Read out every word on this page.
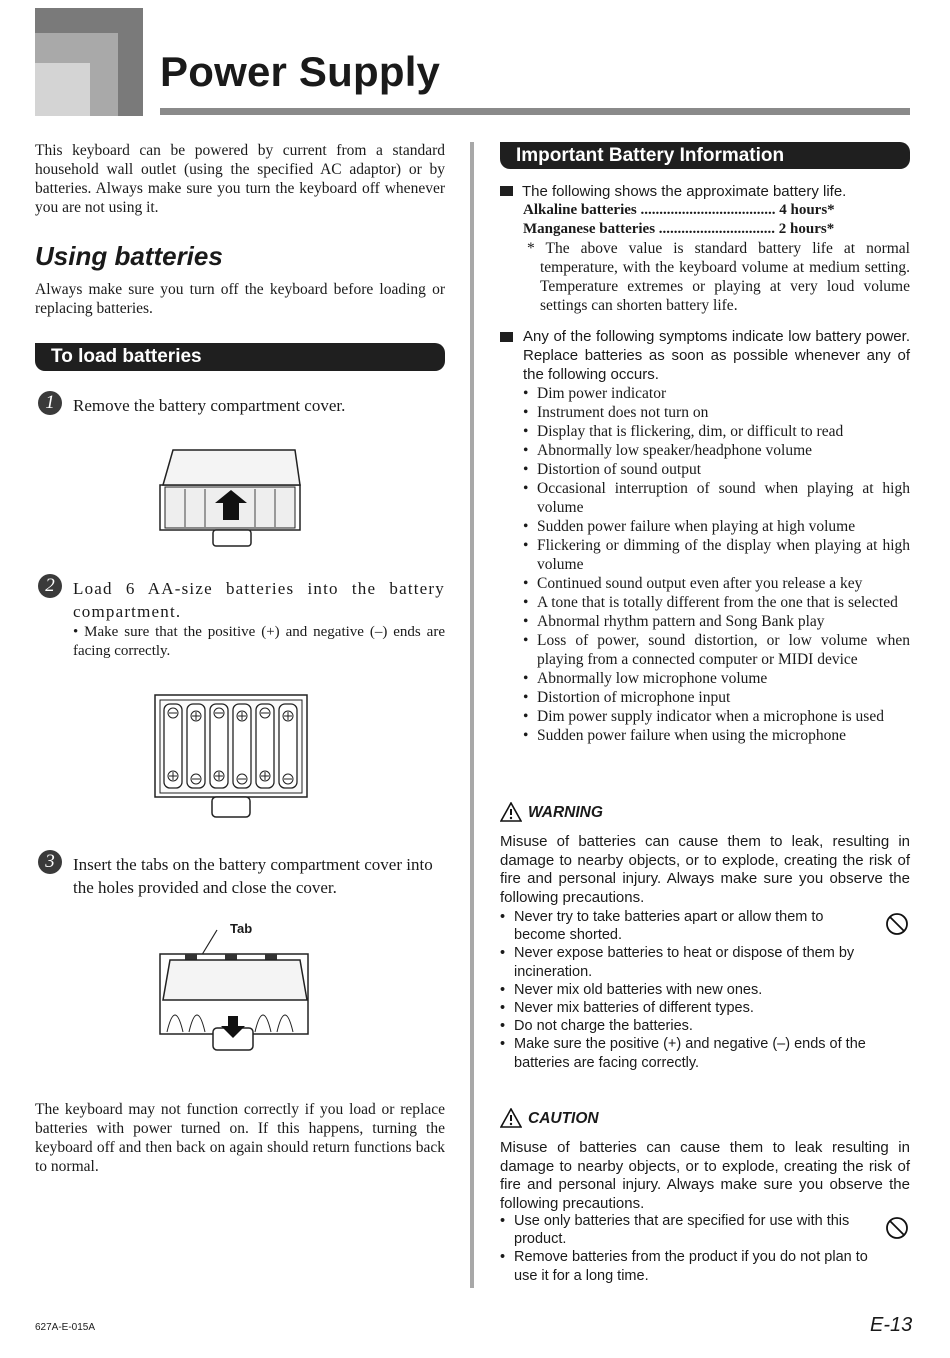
Power Supply

This keyboard can be powered by current from a standard household wall outlet (using the specified AC adaptor) or by batteries. Always make sure you turn the keyboard off whenever you are not using it.

Using batteries

Always make sure you turn off the keyboard before loading or replacing batteries.

To load batteries
1	Remove the battery compartment cover.

2	Load 6 AA-size batteries into the battery compartment.

• Make sure that the positive (+) and negative (–) ends are facing correctly.

3	Insert the tabs on the battery compartment cover into the holes provided and close the cover.

Tab

The keyboard may not function correctly if you load or replace batteries with power turned on. If this happens, turning the keyboard off and then back on again should return functions back to normal.

Important Battery Information

The following shows the approximate battery life.

Alkaline batteries .................................... 4 hours*

Manganese batteries ............................... 2 hours*

* The above value is standard battery life at normal temperature, with the keyboard volume at medium setting. Temperature extremes or playing at very loud volume settings can shorten battery life.

Any of the following symptoms indicate low battery power. Replace batteries as soon as possible whenever any of the following occurs.
• Dim power indicator
• Instrument does not turn on
• Display that is flickering, dim, or difficult to read
• Abnormally low speaker/headphone volume
• Distortion of sound output
• Occasional interruption of sound when playing at high volume
• Sudden power failure when playing at high volume
• Flickering or dimming of the display when playing at high volume
• Continued sound output even after you release a key
• A tone that is totally different from the one that is selected
• Abnormal rhythm pattern and Song Bank play
• Loss of power, sound distortion, or low volume when playing from a connected computer or MIDI device
• Abnormally low microphone volume
• Distortion of microphone input
• Dim power supply indicator when a microphone is used
• Sudden power failure when using the microphone
WARNING

Misuse of batteries can cause them to leak, resulting in damage to nearby objects, or to explode, creating the risk of fire and personal injury. Always make sure you observe the following precautions.

• Never try to take batteries apart or allow them to become shorted.
• Never expose batteries to heat or dispose of them by incineration.
• Never mix old batteries with new ones.
• Never mix batteries of different types.
• Do not charge the batteries.
• Make sure the positive (+) and negative (–) ends of the batteries are facing correctly.
CAUTION

Misuse of batteries can cause them to leak resulting in damage to nearby objects, or to explode, creating the risk of fire and personal injury. Always make sure you observe the following precautions.

• Use only batteries that are specified for use with this product.
• Remove batteries from the product if you do not plan to use it for a long time.
627A-E-015A	E-13
